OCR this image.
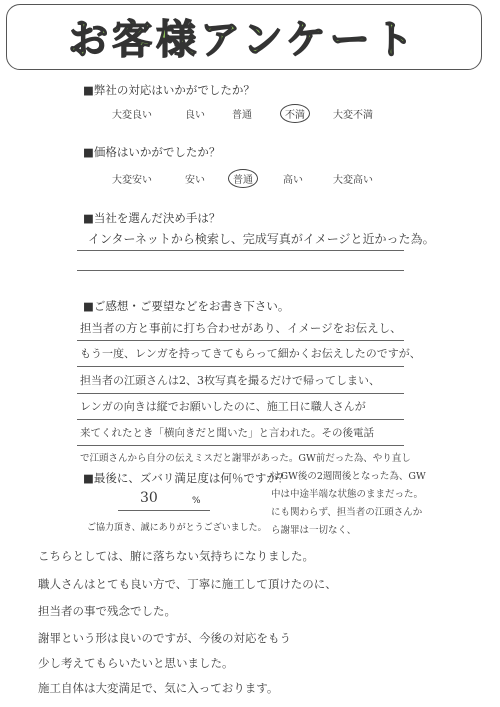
お客様アンケート
■弊社の対応はいかがでしたか？
大変良い	良い	普通	不満	大変不満
■価格はいかがでしたか？
大変安い	安い	普通	高い	大変高い
■当社を選んだ決め手は？
インターネットから検索し、完成写真がイメージと近かった為。
■ご感想・ご要望などをお書き下さい。
担当者の方と事前に打ち合わせがあり、イメージをお伝えし、
もう一度、レンガを持ってきてもらって細かくお伝えしたのですが、
担当者の江頭さんは2、3枚写真を撮るだけで帰ってしまい、
レンガの向きは縦でお願いしたのに、施工日に職人さんが
来てくれたとき「横向きだと聞いた」と言われた。その後電話
で江頭さんから自分の伝えミスだと謝罪があった。GW前だった為、やり直し
■最後に、ズバリ満足度は何％ですか？
30	%
はGW後の2週間後となった為、GW
中は中途半端な状態のままだった。
にも関わらず、担当者の江頭さんか
ら謝罪は一切なく、
ご協力頂き、誠にありがとうございました。
こちらとしては、腑に落ちない気持ちになりました。
職人さんはとても良い方で、丁寧に施工して頂けたのに、
担当者の事で残念でした。
謝罪という形は良いのですが、今後の対応をもう
少し考えてもらいたいと思いました。
施工自体は大変満足で、気に入っております。
